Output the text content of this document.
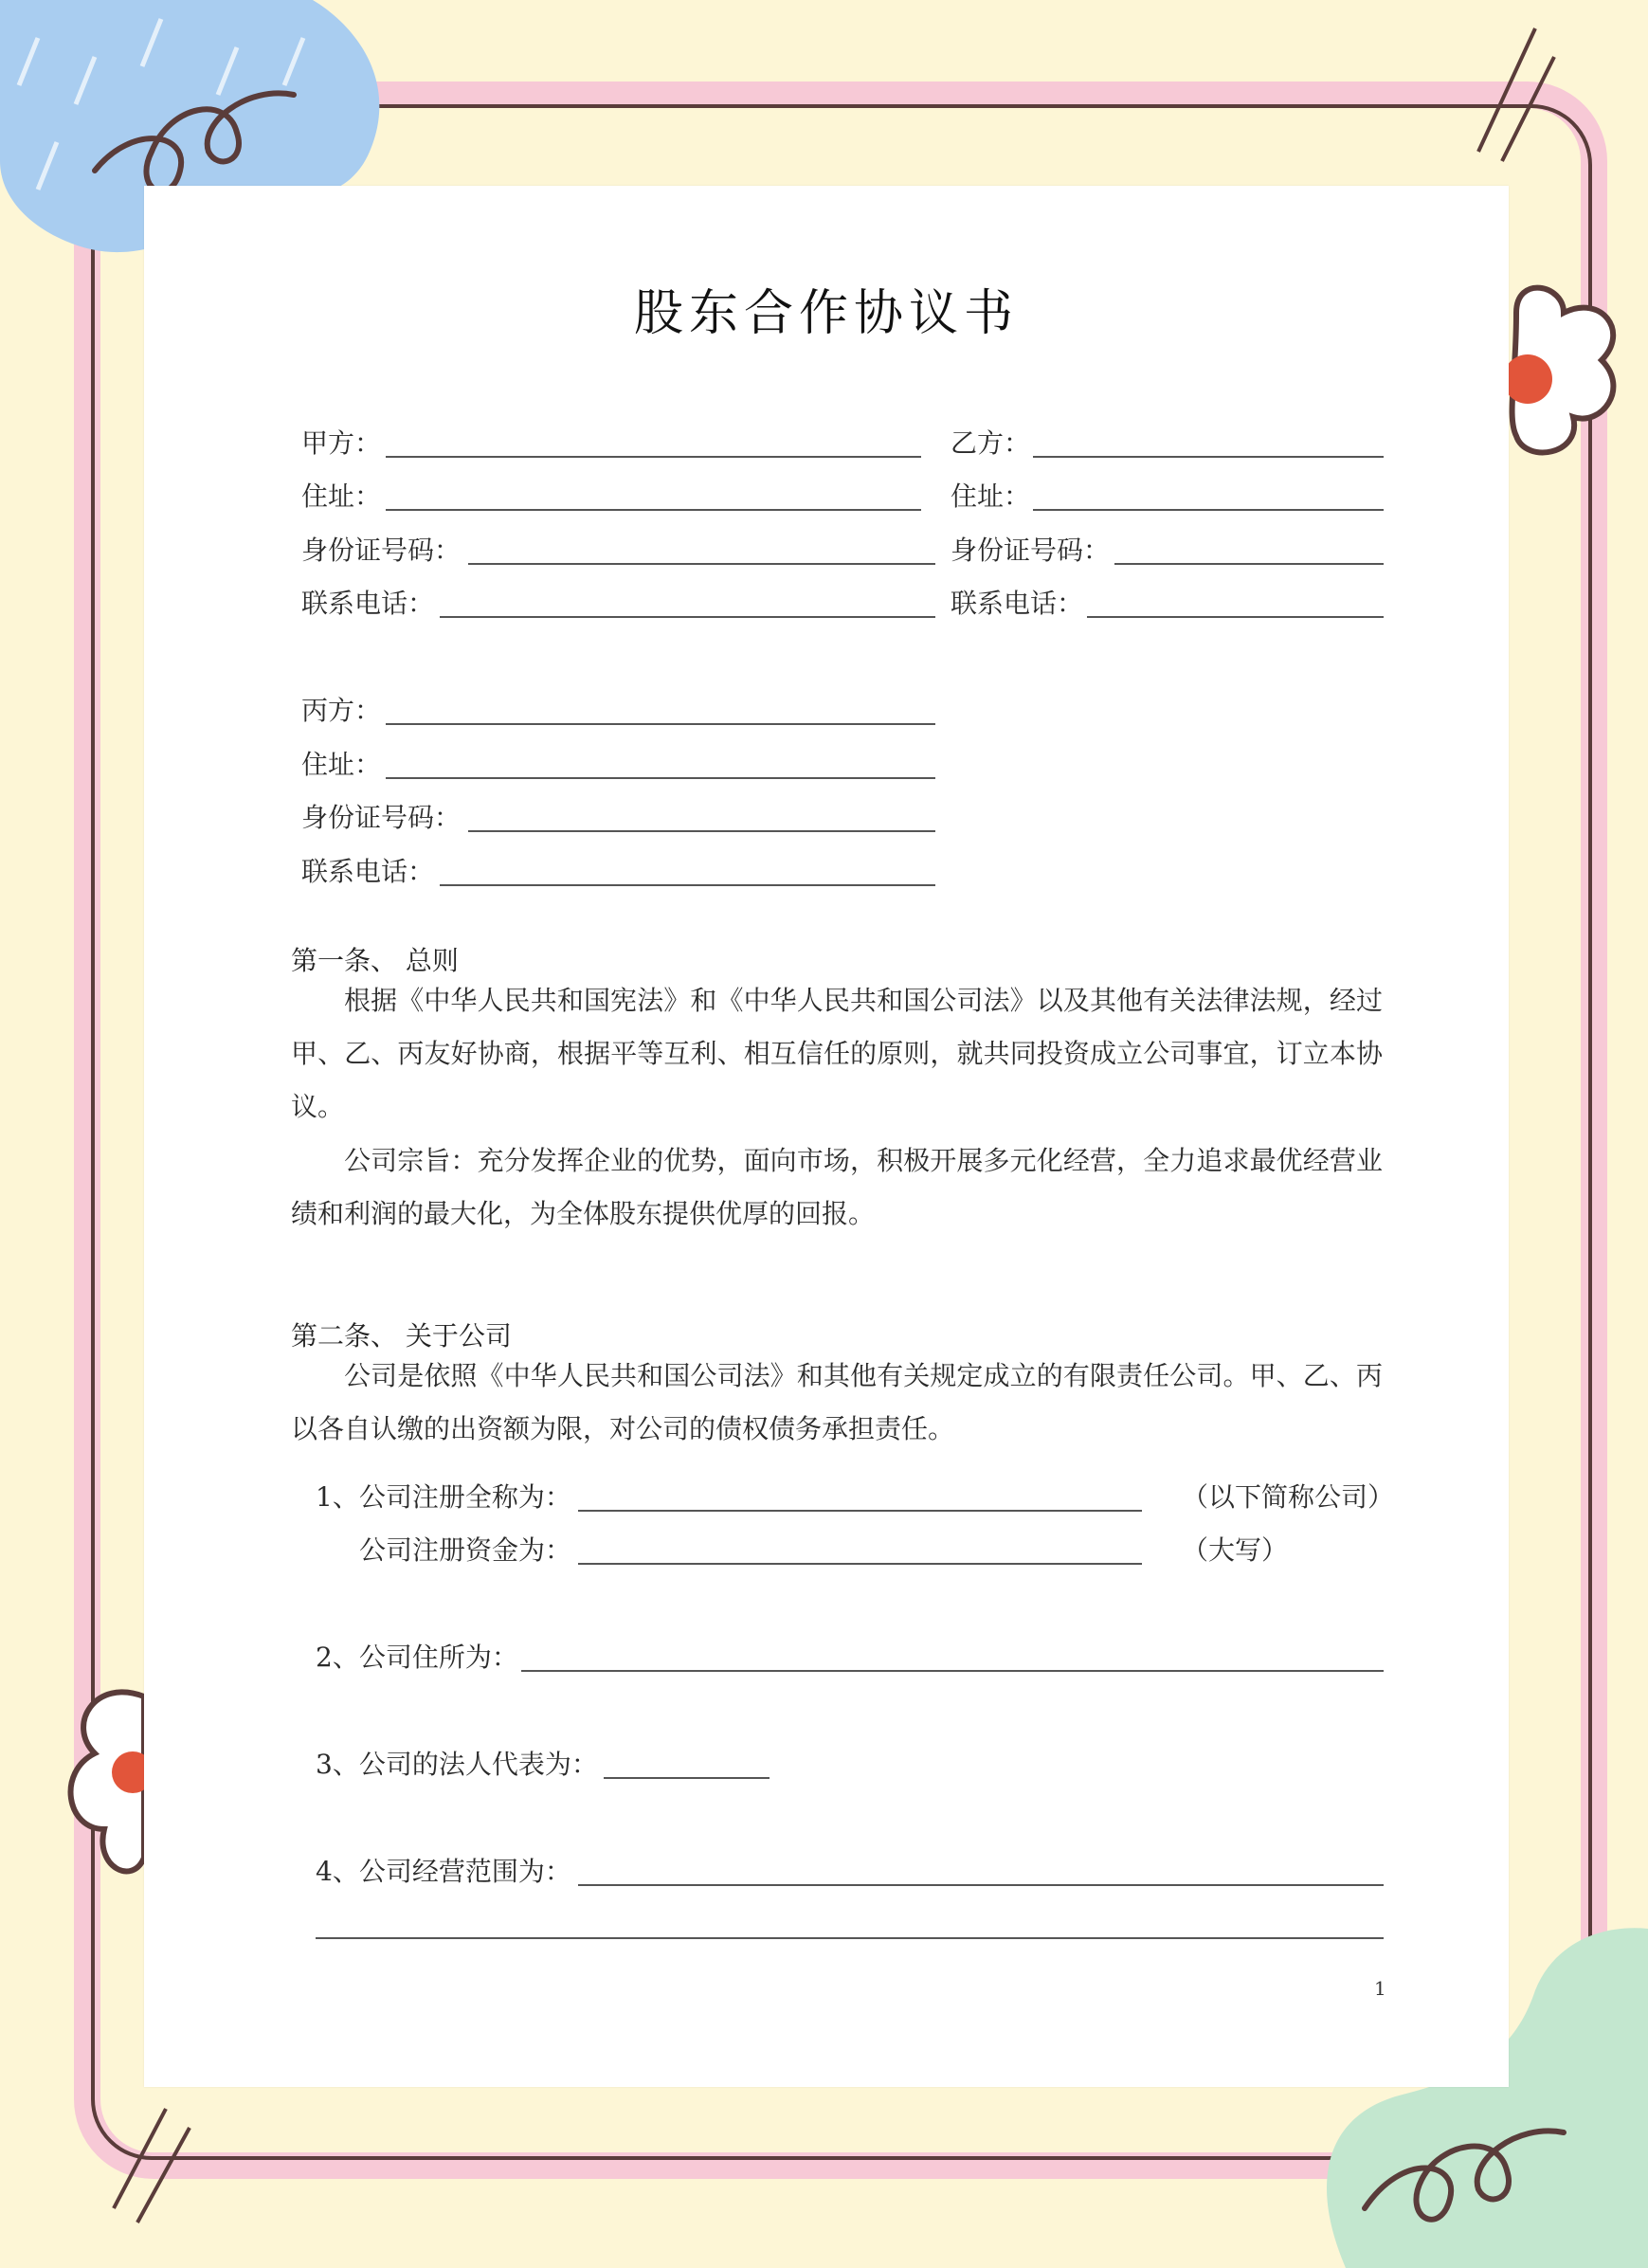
股东合作协议书
甲方：
住址：
身份证号码：
联系电话：
乙方：
住址：
身份证号码：
联系电话：
丙方：
住址：
身份证号码：
联系电话：
第一条、 总则
根据《中华人民共和国宪法》和《中华人民共和国公司法》以及其他有关法律法规，经过甲、乙、丙友好协商，根据平等互利、相互信任的原则，就共同投资成立公司事宜，订立本协议。
公司宗旨：充分发挥企业的优势，面向市场，积极开展多元化经营，全力追求最优经营业绩和利润的最大化，为全体股东提供优厚的回报。
第二条、 关于公司
公司是依照《中华人民共和国公司法》和其他有关规定成立的有限责任公司。甲、乙、丙以各自认缴的出资额为限，对公司的债权债务承担责任。
1、公司注册全称为：	（以下简称公司）
公司注册资金为：	（大写）
2、公司住所为：
3、公司的法人代表为：
4、公司经营范围为：
1
